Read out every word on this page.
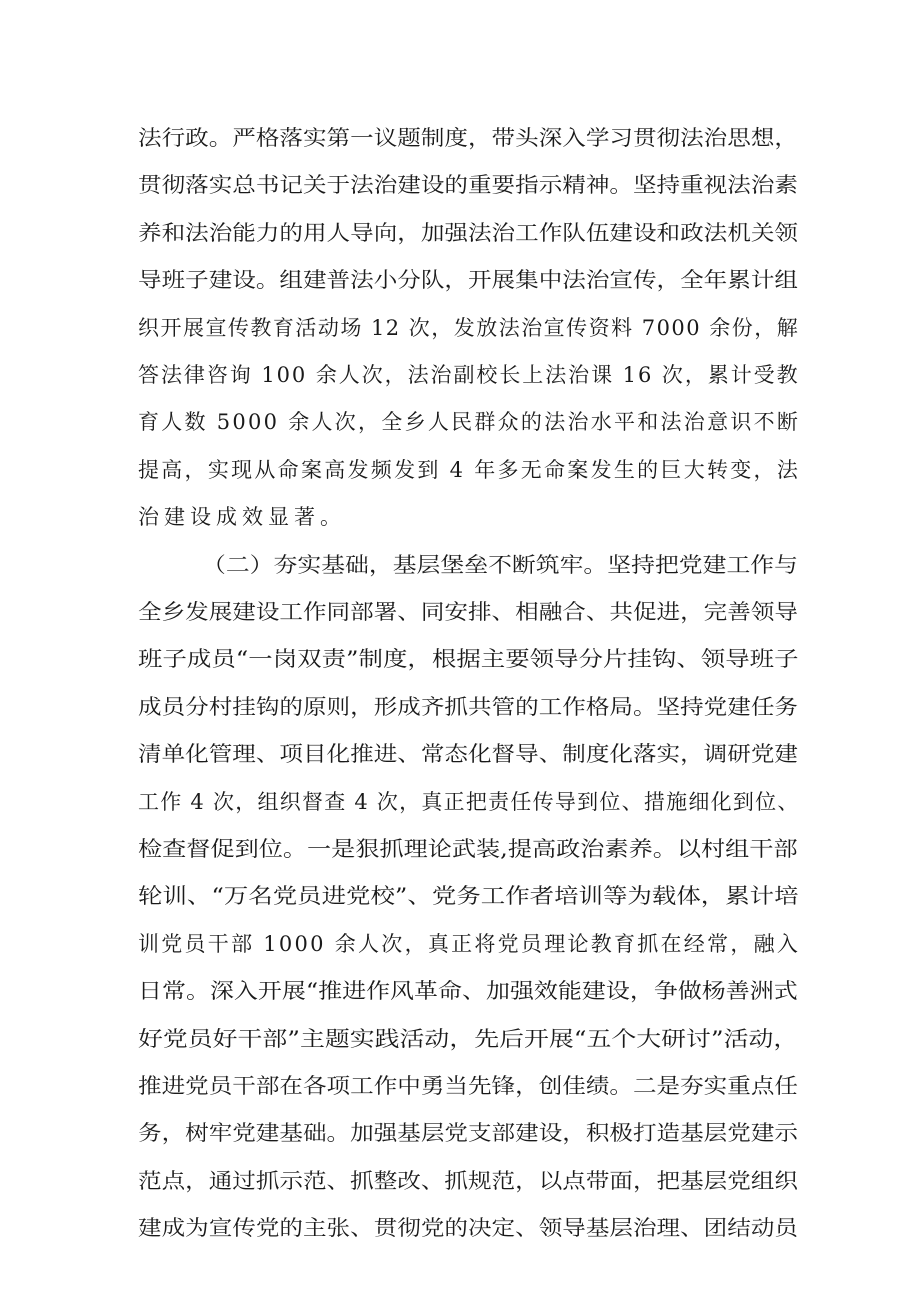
法行政。严格落实第一议题制度，带头深入学习贯彻法治思想，
贯彻落实总书记关于法治建设的重要指示精神。坚持重视法治素
养和法治能力的用人导向，加强法治工作队伍建设和政法机关领
导班子建设。组建普法小分队，开展集中法治宣传，全年累计组
织开展宣传教育活动场 12 次，发放法治宣传资料 7000 余份，解
答法律咨询 100 余人次，法治副校长上法治课 16 次，累计受教
育人数 5000 余人次，全乡人民群众的法治水平和法治意识不断
提高，实现从命案高发频发到 4 年多无命案发生的巨大转变，法
治建设成效显著。
（二）夯实基础，基层堡垒不断筑牢。坚持把党建工作与
全乡发展建设工作同部署、同安排、相融合、共促进，完善领导
班子成员“一岗双责”制度，根据主要领导分片挂钩、领导班子
成员分村挂钩的原则，形成齐抓共管的工作格局。坚持党建任务
清单化管理、项目化推进、常态化督导、制度化落实，调研党建
工作 4 次，组织督查 4 次，真正把责任传导到位、措施细化到位、
检查督促到位。一是狠抓理论武装,提高政治素养。以村组干部
轮训、“万名党员进党校”、党务工作者培训等为载体，累计培
训党员干部 1000 余人次，真正将党员理论教育抓在经常，融入
日常。深入开展“推进作风革命、加强效能建设，争做杨善洲式
好党员好干部”主题实践活动，先后开展“五个大研讨”活动，
推进党员干部在各项工作中勇当先锋，创佳绩。二是夯实重点任
务，树牢党建基础。加强基层党支部建设，积极打造基层党建示
范点，通过抓示范、抓整改、抓规范，以点带面，把基层党组织
建成为宣传党的主张、贯彻党的决定、领导基层治理、团结动员
